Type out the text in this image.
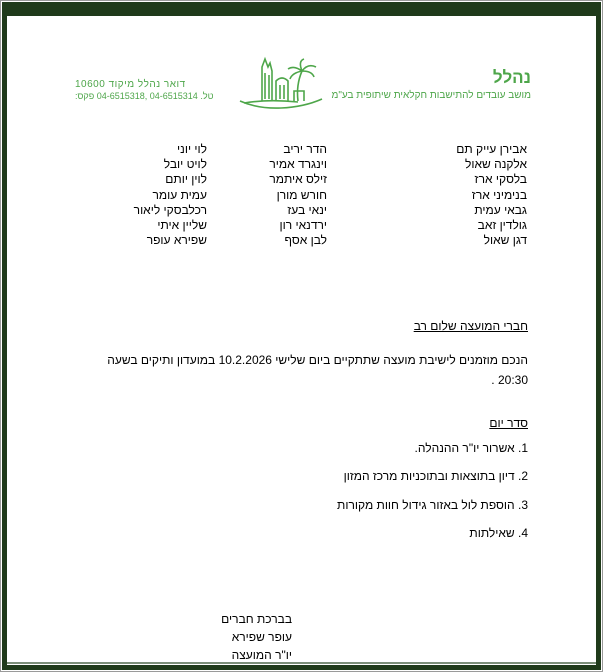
נהלל
מושב עובדים להתישבות חקלאית שיתופית בע"מ
דואר נהלל מיקוד 10600
טל. 04-6515314 ,04-6515318 פקס:
אבירן עייק תם
אלקנה שאול
בלסקי ארז
בנימיני ארז
גבאי עמית
גולדין זאב
דגן שאול
הדר יריב
וינגרד אמיר
זילס איתמר
חורש מורן
ינאי בעז
ירדנאי רון
לבן אסף
לוי יוני
לויט יובל
לוין יותם
עמית עומר
רכלבסקי ליאור
שליין איתי
שפירא עופר
חברי המועצה שלום רב
הנכם מוזמנים לישיבת מועצה שתתקיים ביום שלישי 10.2.2026 במועדון ותיקים בשעה
20:30 .
סדר יום
1. אשרור יו"ר ההנהלה.
2. דיון בתוצאות ובתוכניות מרכז המזון
3. הוספת לול באזור גידול חוות מקורות
4. שאילתות
בברכת חברים
עופר שפירא
יו"ר המועצה
